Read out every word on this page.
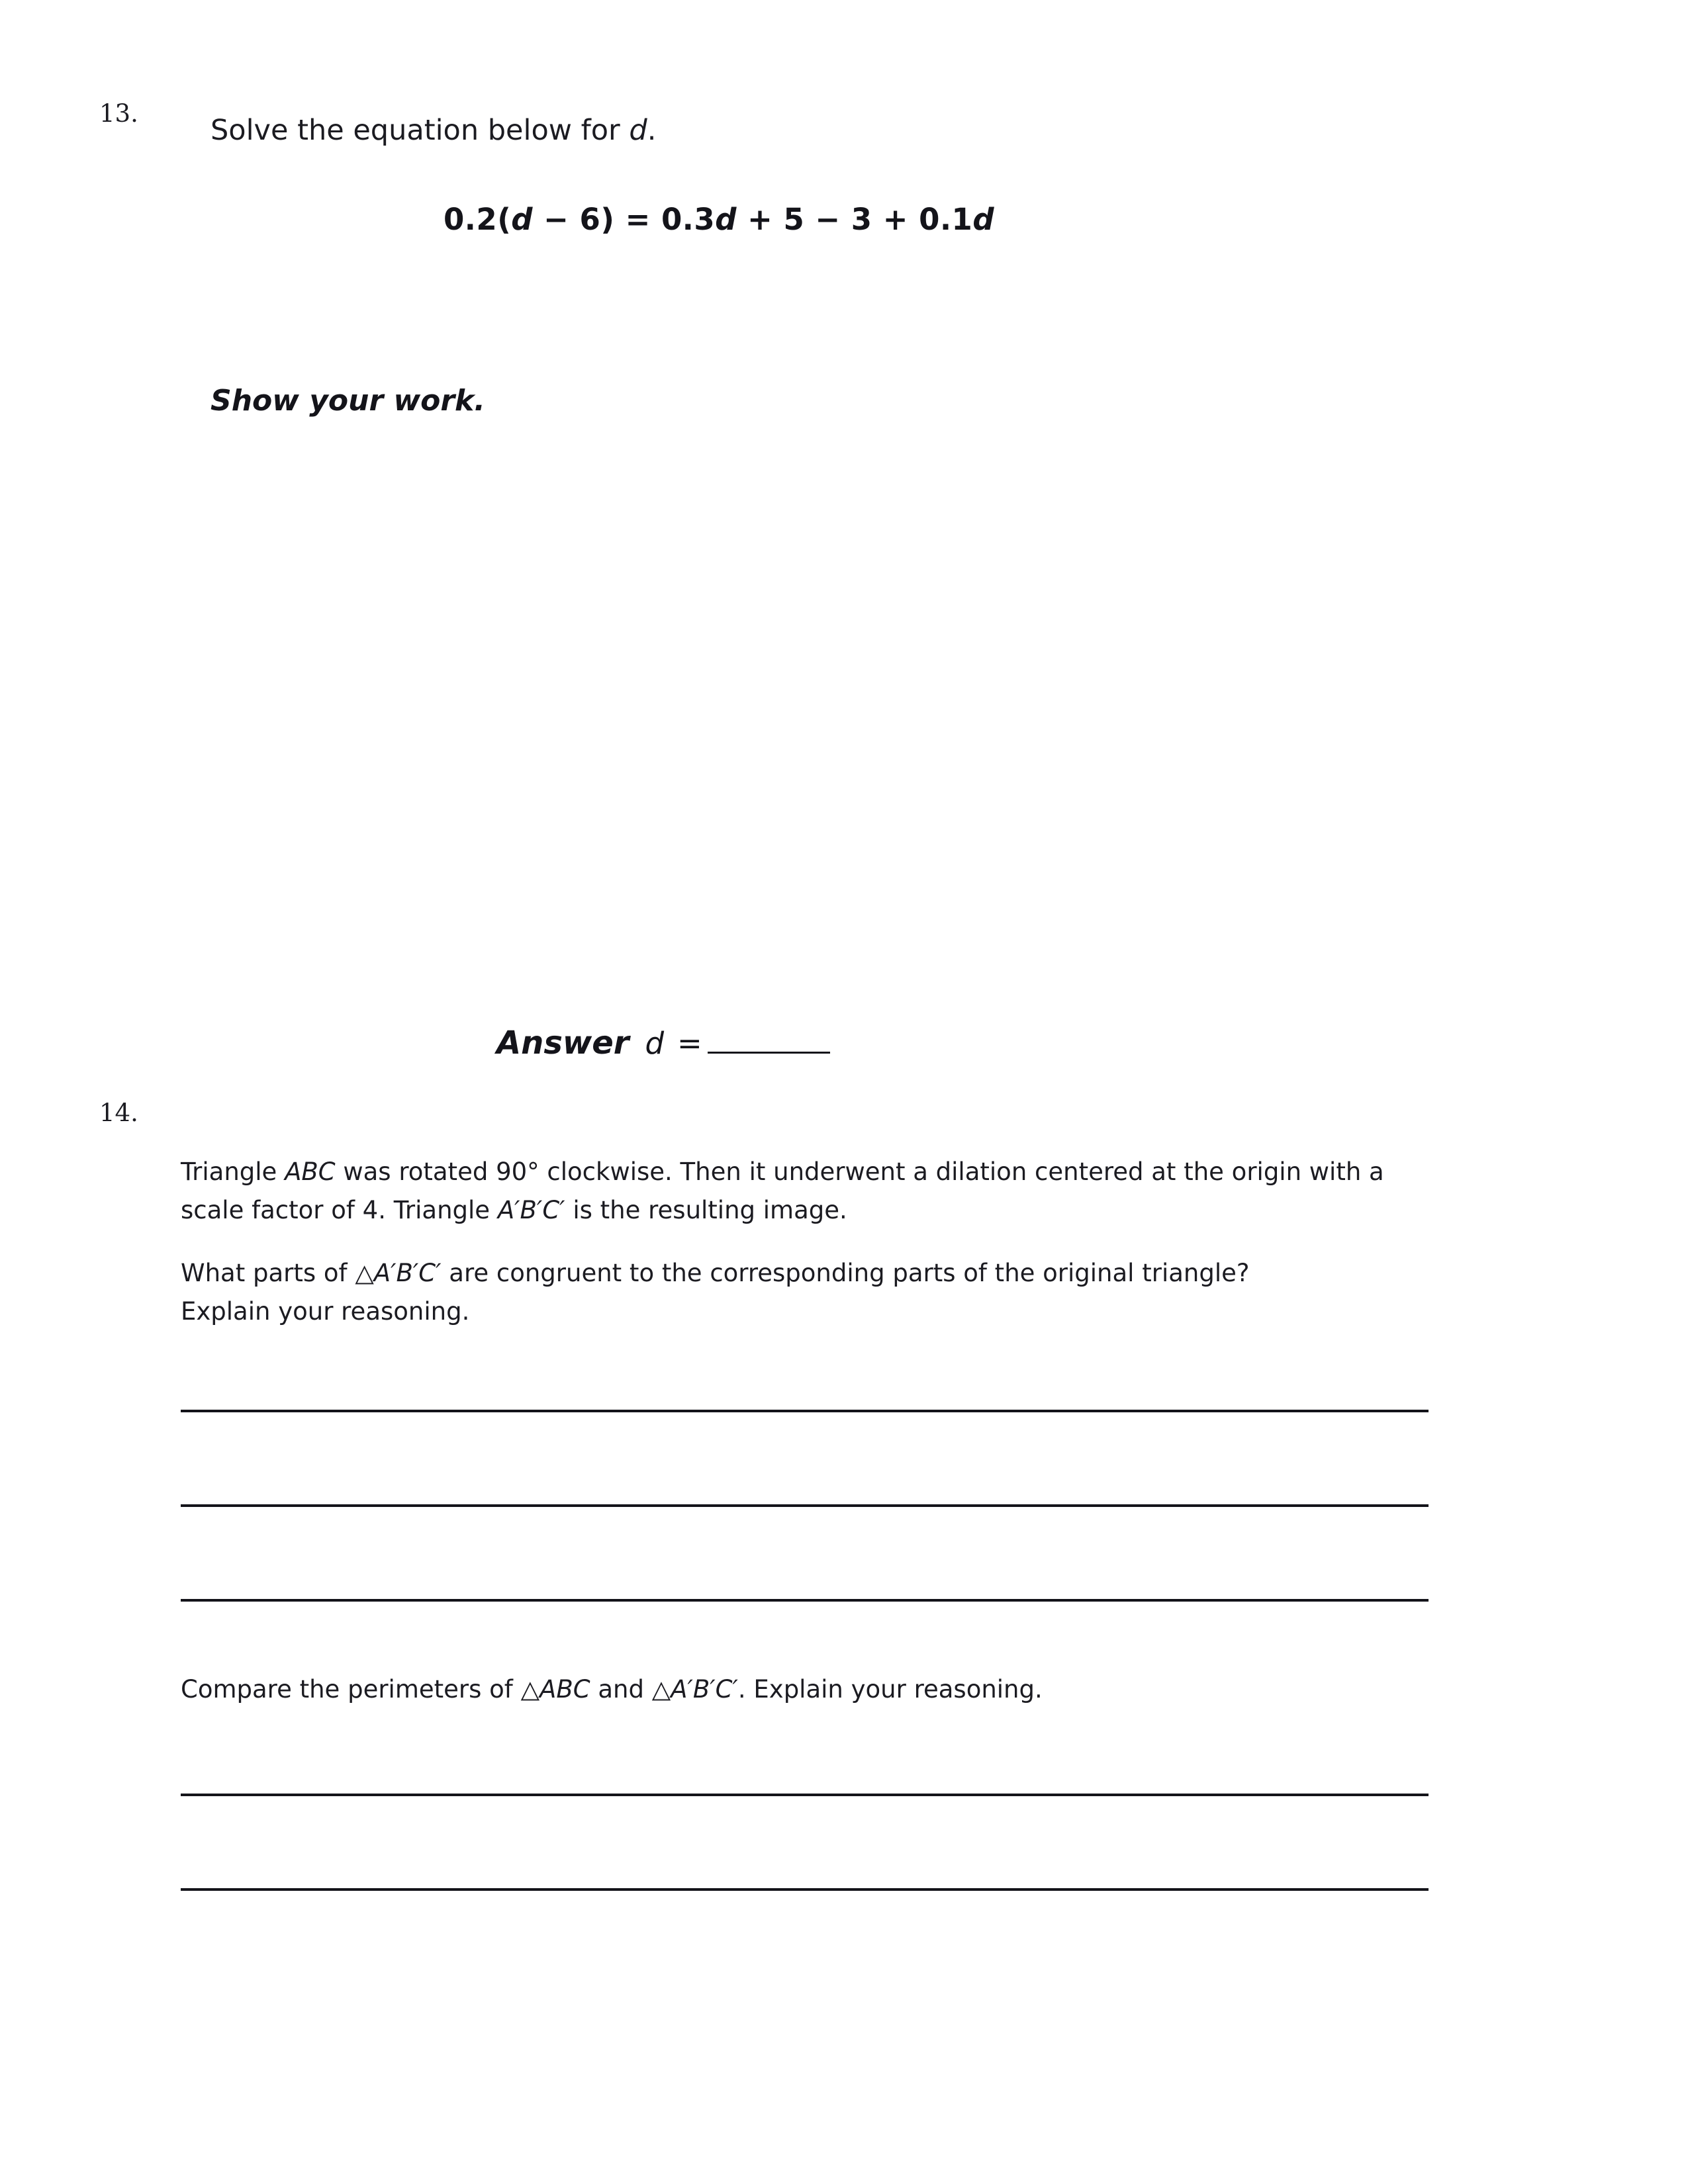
13.
Solve the equation below for d.
0.2(d − 6) = 0.3d + 5 − 3 + 0.1d
Show your work.
Answer d =
14.
Triangle ABC was rotated 90° clockwise. Then it underwent a dilation centered at the origin with a scale factor of 4. Triangle A′B′C′ is the resulting image.
What parts of △A′B′C′ are congruent to the corresponding parts of the original triangle? Explain your reasoning.
Compare the perimeters of △ABC and △A′B′C′. Explain your reasoning.
